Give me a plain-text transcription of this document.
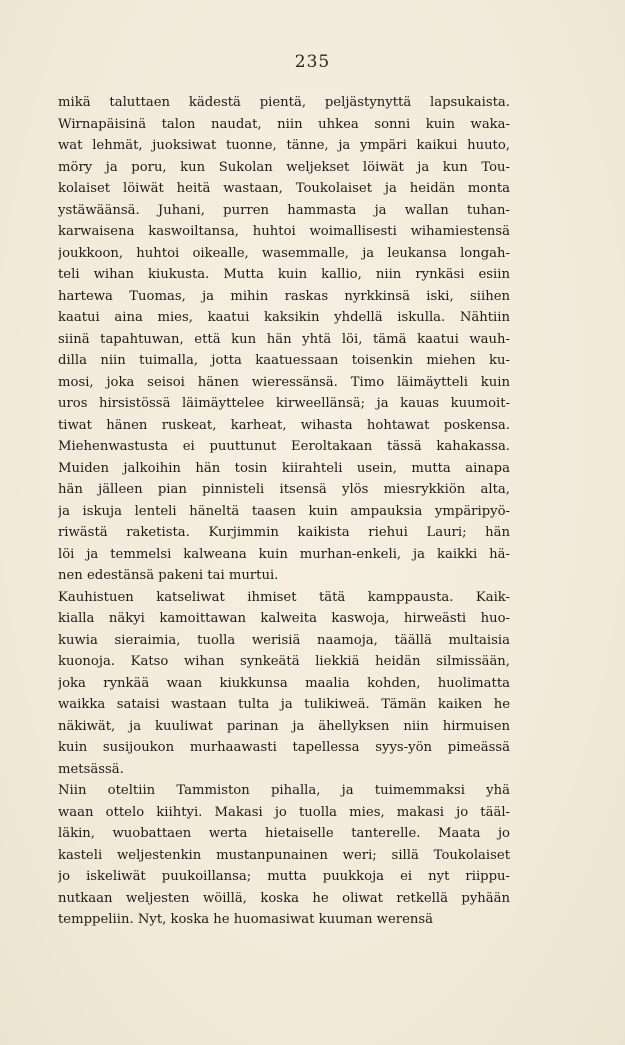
235
mikä taluttaen kädestä pientä, peljästynyttä lapsukaista.
Wirnapäisinä talon naudat, niin uhkea sonni kuin waka-
wat lehmät, juoksiwat tuonne, tänne, ja ympäri kaikui huuto,
möry ja poru, kun Sukolan weljekset löiwät ja kun Tou-
kolaiset löiwät heitä wastaan, Toukolaiset ja heidän monta
ystäwäänsä. Juhani, purren hammasta ja wallan tuhan-
karwaisena kaswoiltansa, huhtoi woimallisesti wihamiestensä
joukkoon, huhtoi oikealle, wasemmalle, ja leukansa longah-
teli wihan kiukusta. Mutta kuin kallio, niin rynkäsi esiin
hartewa Tuomas, ja mihin raskas nyrkkinsä iski, siihen
kaatui aina mies, kaatui kaksikin yhdellä iskulla. Nähtiin
siinä tapahtuwan, että kun hän yhtä löi, tämä kaatui wauh-
dilla niin tuimalla, jotta kaatuessaan toisenkin miehen ku-
mosi, joka seisoi hänen wieressänsä. Timo läimäytteli kuin
uros hirsistössä läimäyttelee kirweellänsä; ja kauas kuumoit-
tiwat hänen ruskeat, karheat, wihasta hohtawat poskensa.
Miehenwastusta ei puuttunut Eeroltakaan tässä kahakassa.
Muiden jalkoihin hän tosin kiirahteli usein, mutta ainapa
hän jälleen pian pinnisteli itsensä ylös miesrykkiön alta,
ja iskuja lenteli häneltä taasen kuin ampauksia ympäripyö-
riwästä raketista. Kurjimmin kaikista riehui Lauri; hän
löi ja temmelsi kalweana kuin murhan-enkeli, ja kaikki hä-
nen edestänsä pakeni tai murtui.
Kauhistuen katseliwat ihmiset tätä kamppausta. Kaik-
kialla näkyi kamoittawan kalweita kaswoja, hirweästi huo-
kuwia sieraimia, tuolla werisiä naamoja, täällä multaisia
kuonoja. Katso wihan synkeätä liekkiä heidän silmissään,
joka rynkää waan kiukkunsa maalia kohden, huolimatta
waikka sataisi wastaan tulta ja tulikiweä. Tämän kaiken he
näkiwät, ja kuuliwat parinan ja ähellyksen niin hirmuisen
kuin susijoukon murhaawasti tapellessa syys-yön pimeässä
metsässä.
Niin oteltiin Tammiston pihalla, ja tuimemmaksi yhä
waan ottelo kiihtyi. Makasi jo tuolla mies, makasi jo tääl-
läkin, wuobattaen werta hietaiselle tanterelle. Maata jo
kasteli weljestenkin mustanpunainen weri; sillä Toukolaiset
jo iskeliwät puukoillansa; mutta puukkoja ei nyt riippu-
nutkaan weljesten wöillä, koska he oliwat retkellä pyhään
temppeliin. Nyt, koska he huomasiwat kuuman werensä
